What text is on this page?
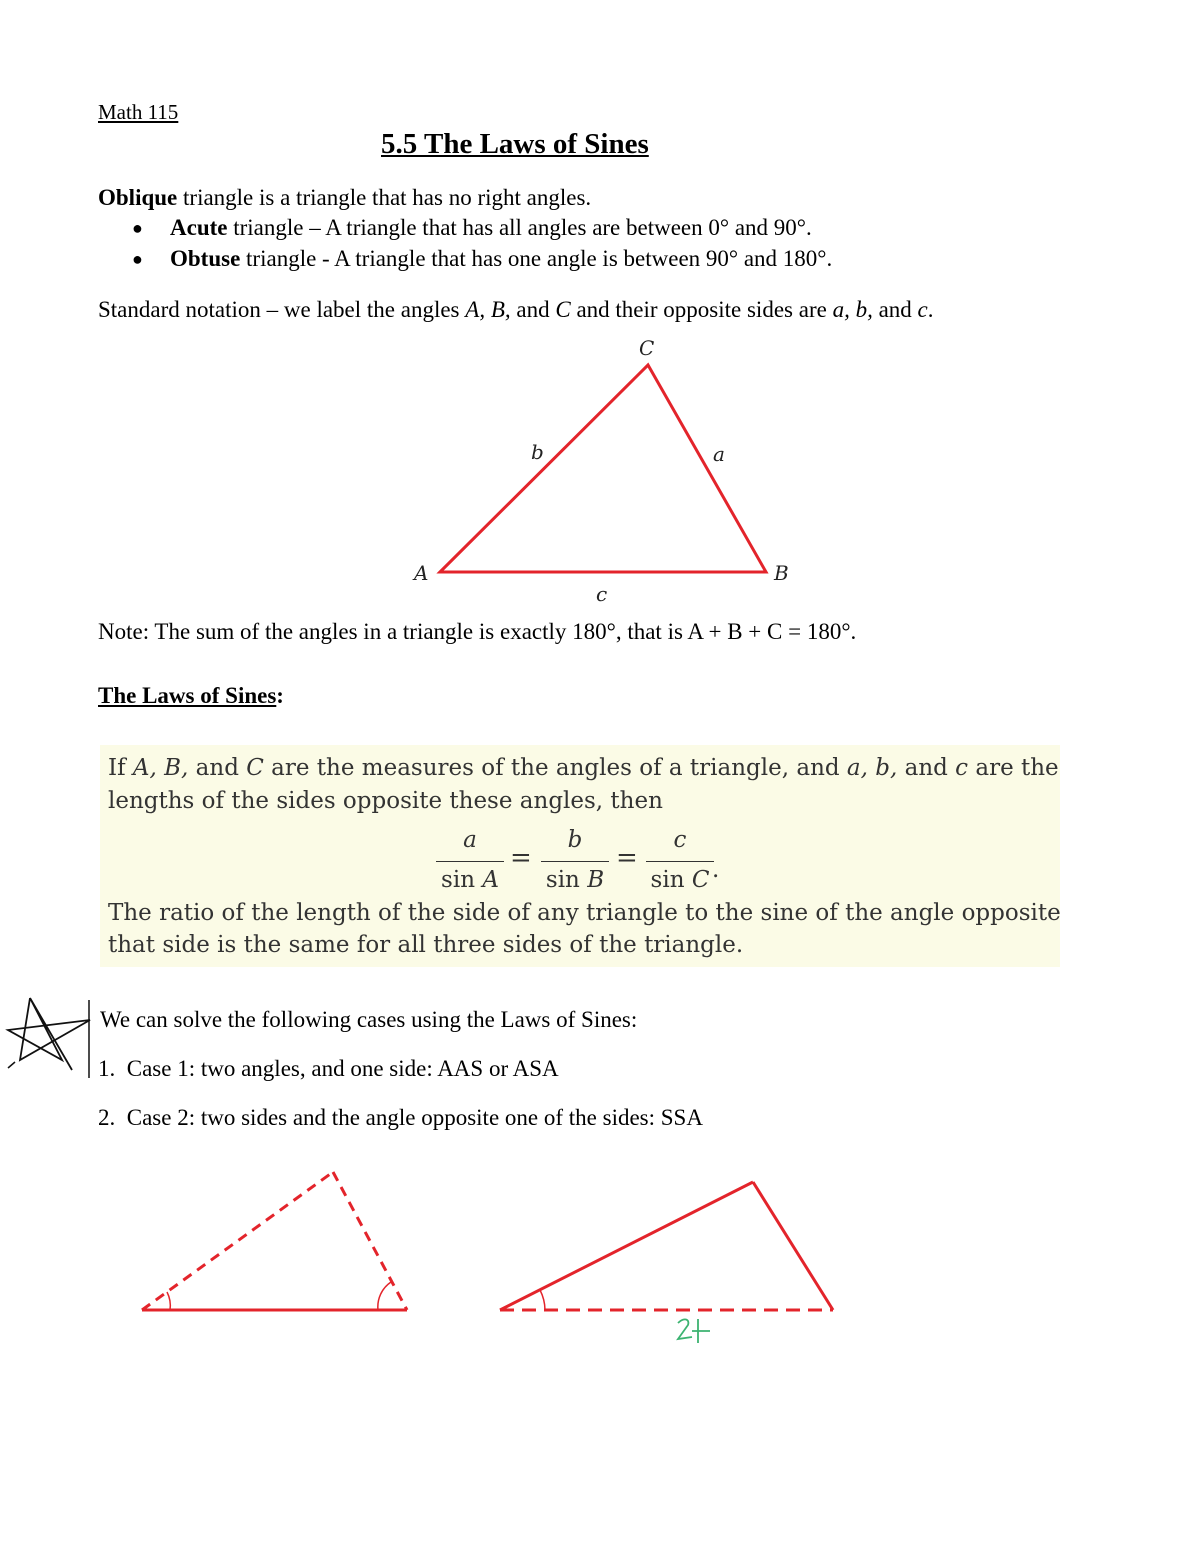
Math 115
5.5 The Laws of Sines
Oblique triangle is a triangle that has no right angles.
● Acute triangle – A triangle that has all angles are between 0° and 90°.
● Obtuse triangle - A triangle that has one angle is between 90° and 180°.
Standard notation – we label the angles A, B, and C and their opposite sides are a, b, and c.
C
A	B
b	a
c
Note: The sum of the angles in a triangle is exactly 180°, that is A + B + C = 180°.
The Laws of Sines:
If A, B, and C are the measures of the angles of a triangle, and a, b, and c are the
lengths of the sides opposite these angles, then
a
sin A
=
b
sin B
=
c
sin C .
The ratio of the length of the side of any triangle to the sine of the angle opposite
that side is the same for all three sides of the triangle.
We can solve the following cases using the Laws of Sines:
1. Case 1: two angles, and one side: AAS or ASA
2. Case 2: two sides and the angle opposite one of the sides: SSA
